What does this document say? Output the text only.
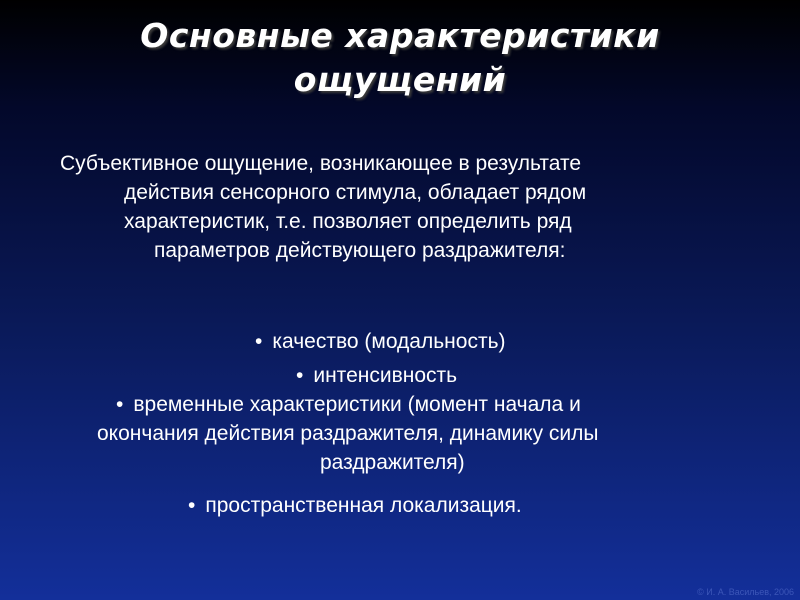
Основные характеристики
ощущений
Субъективное ощущение, возникающее в результате
действия сенсорного стимула, обладает рядом
характеристик, т.е. позволяет определить ряд
параметров действующего раздражителя:
• качество (модальность)
• интенсивность
• временные характеристики (момент начала и
окончания действия раздражителя, динамику силы
раздражителя)
• пространственная локализация.
© И. А. Васильев, 2006
